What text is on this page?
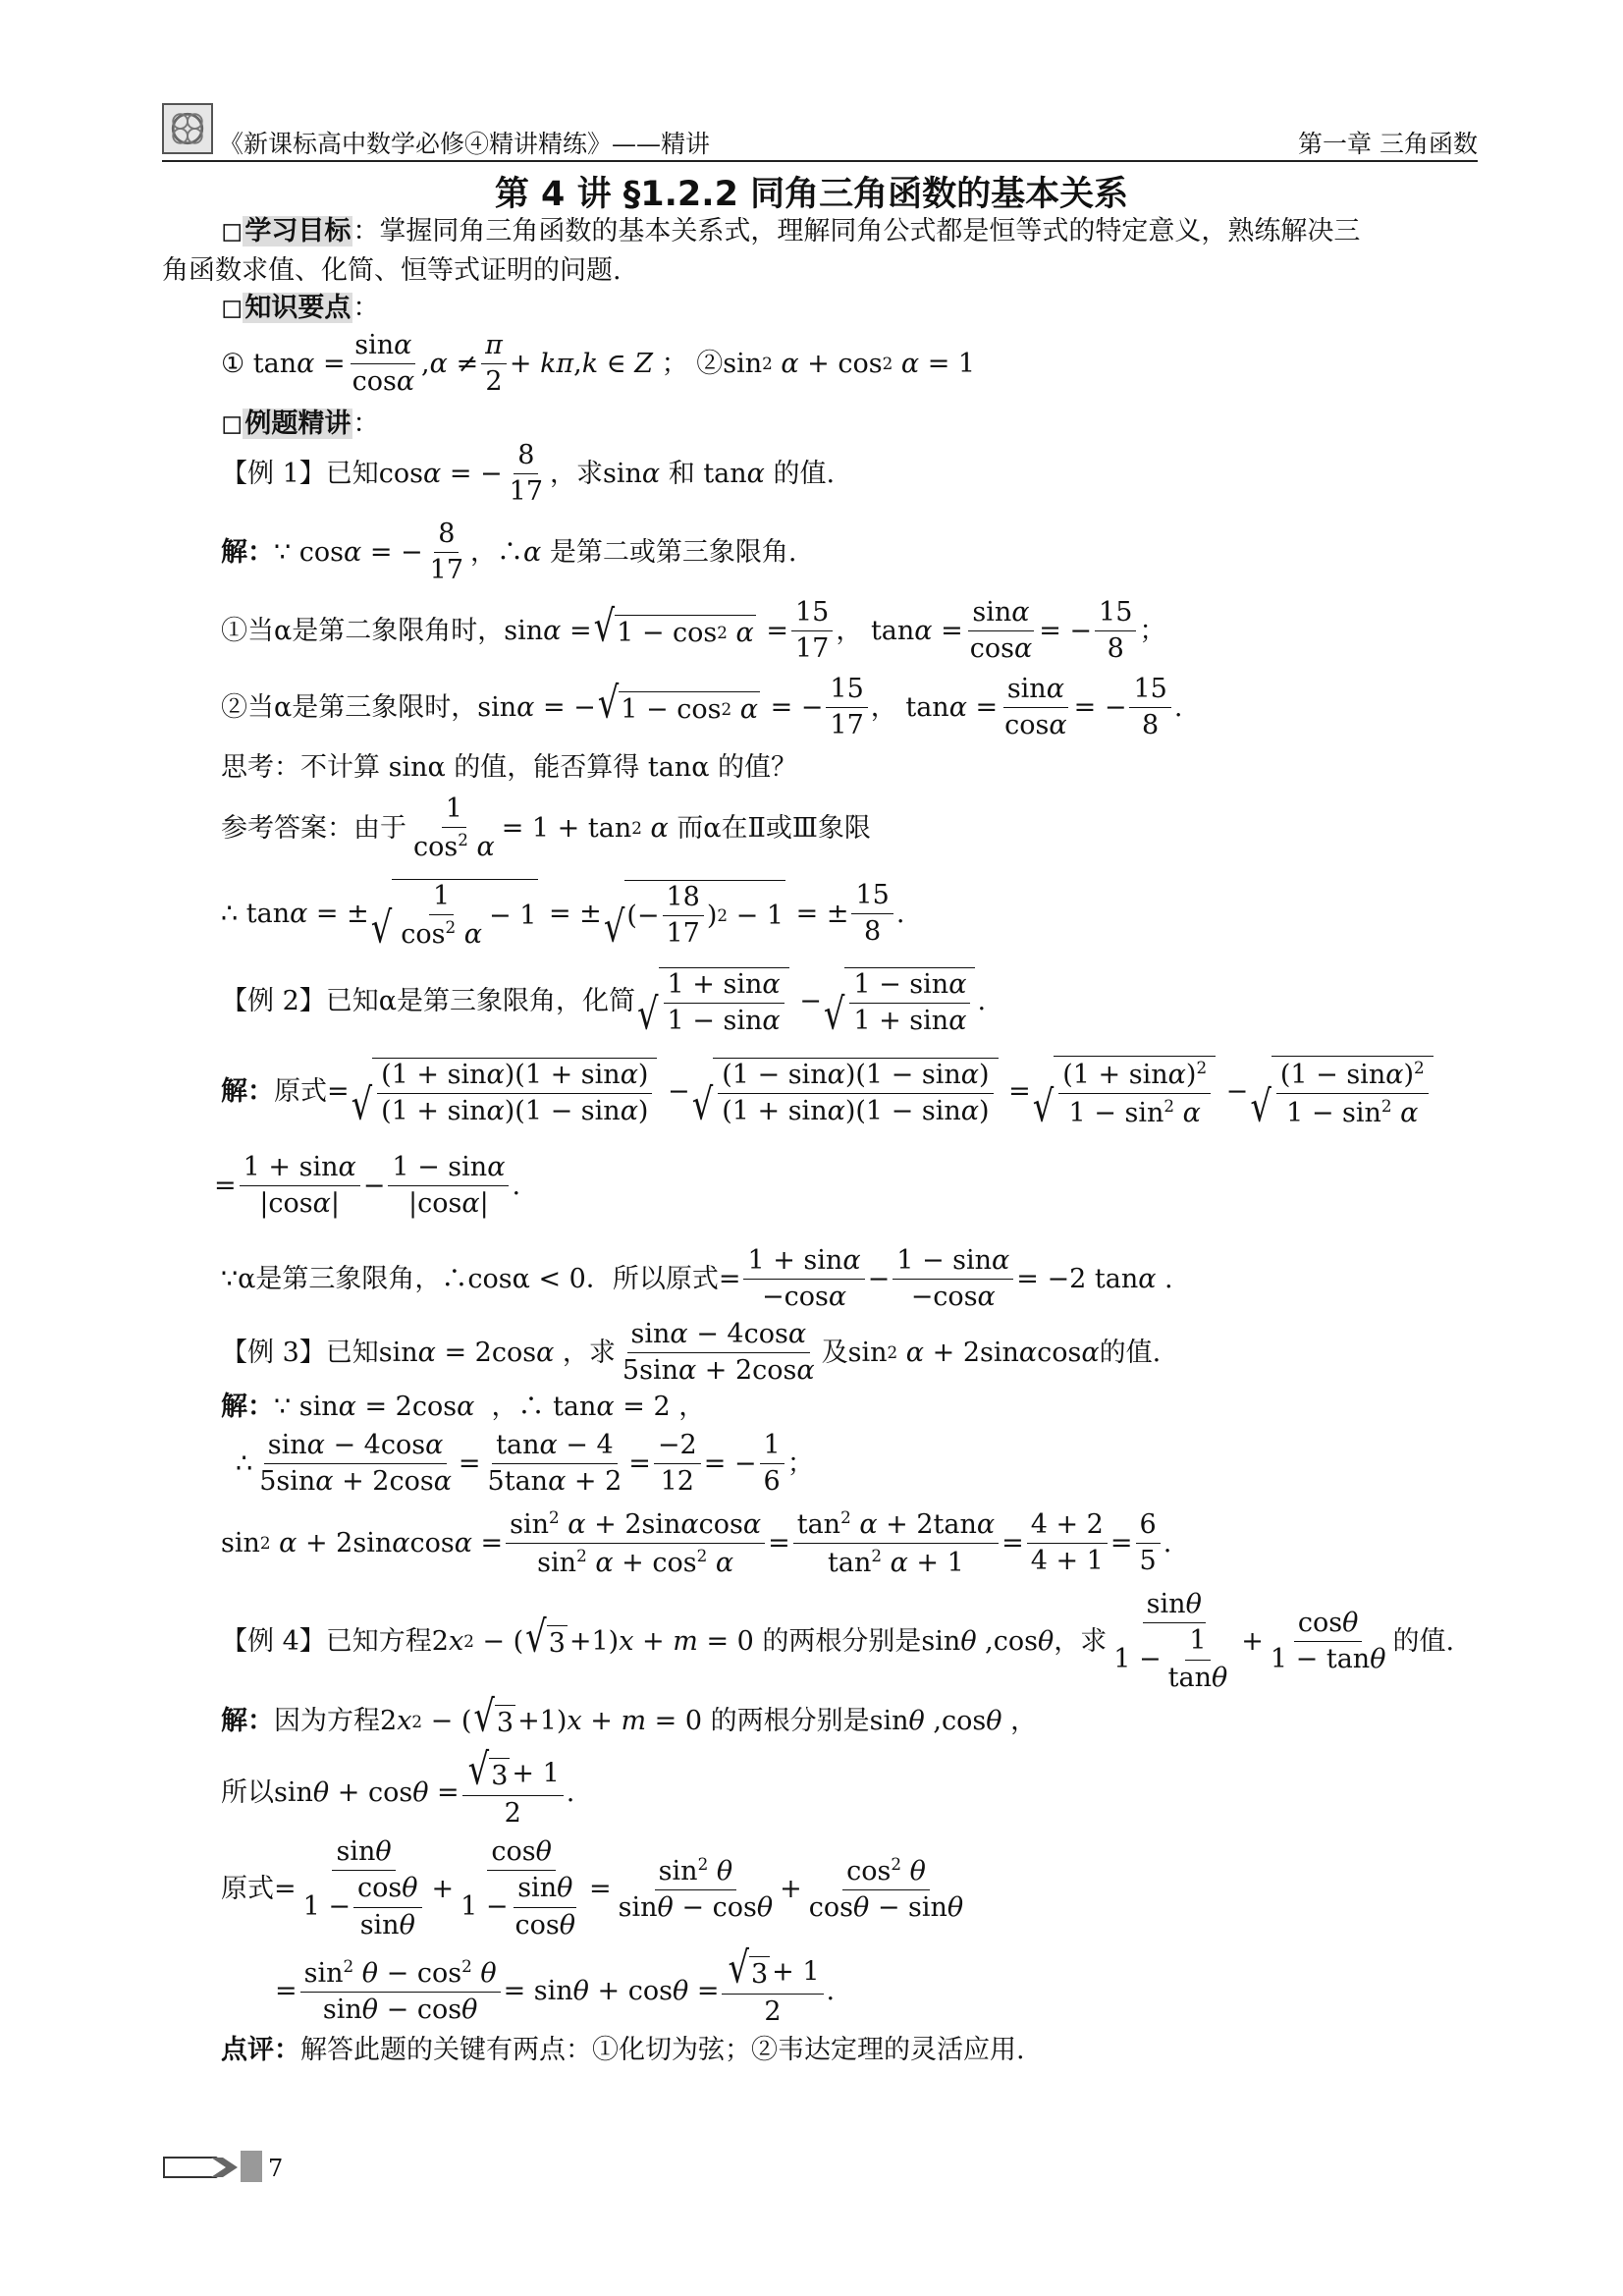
《新课标高中数学必修④精讲精练》——精讲	第一章 三角函数
第 4 讲 §1.2.2 同角三角函数的基本关系
◻学习目标：掌握同角三角函数的基本关系式，理解同角公式都是恒等式的特定意义，熟练解决三
角函数求值、化简、恒等式证明的问题.
◻知识要点：
① $\tan \alpha = \frac{\sin\alpha}{\cos\alpha}$ , $\alpha \ne \frac{\pi}{2} + k\pi$ , k ∈ Z ； ②sin 2
α + cos 2
α = 1
◻例题精讲：
【例 1】已知 cos α = − $\frac{8}{17}$ ，求 sin α
和 tan α
的值.
解： ∵ cos α = − $\frac{8}{17}$ ，∴ α
是第二或第三象限角.
①当α是第二象限角时， sin α = √ 1 − cos 2
$\alpha = \frac{15}{17}$ ， $\tan \alpha = \frac{\sin\alpha}{\cos\alpha}$ = − $\frac{15}{8}$ ；
②当α是第三象限时， sin α = − √ 1 − cos 2
α = − $\frac{15}{17}$ ， $\tan \alpha = \frac{\sin\alpha}{\cos\alpha}$ = − $\frac{15}{8}$ .
思考：不计算 sinα 的值，能否算得 tanα 的值？
参考答案：由于 $\frac{1}{\cos^2 \alpha} = 1 + \tan 2$
α
而α在Ⅱ或Ⅲ象限
∴ tan α = ± √ $\frac{1}{\cos^2 \alpha} - 1$ = ± √ (− $\frac{18}{17}$ ) 2 − 1 = ± $\frac{15}{8}$ .
【例 2】已知α是第三象限角，化简 √ $\frac{1 + \sin\alpha}{1 - \sin\alpha}$ − √ $\frac{1 - \sin\alpha}{1 + \sin\alpha}$ .
解： 原式= √ $\frac{(1 + \sin\alpha)(1 + \sin\alpha)}{(1 + \sin\alpha)(1 - \sin\alpha)}$ − √ $\frac{(1 - \sin\alpha)(1 - \sin\alpha)}{(1 + \sin\alpha)(1 - \sin\alpha)}$ = √ $\frac{(1 + \sin\alpha)^2}{1 - \sin^2 \alpha}$ − √ $\frac{(1 - \sin\alpha)^2}{1 - \sin^2 \alpha}$
= $\frac{1 + \sin\alpha}{|\cos\alpha|} - \frac{1 - \sin\alpha}{|\cos\alpha|}$ .
∵α是第三象限角，∴cosα < 0．所以原式= $\frac{1 + \sin\alpha}{-\cos\alpha} - \frac{1 - \sin\alpha}{-\cos\alpha} = -2$ tan α .
【例 3】已知 sin α = 2cos α
，求 $\frac{\sin\alpha - 4\cos\alpha}{5\sin\alpha + 2\cos\alpha}$ 及 sin 2
α + 2sin α cos α 的值.
解： ∵ sin α = 2cos α ，∴ tan α = 2 ，
∴ $\frac{\sin\alpha - 4\cos\alpha}{5\sin\alpha + 2\cos\alpha} = \frac{\tan\alpha - 4}{5\tan\alpha + 2} = \frac{-2}{12}$ = − $\frac{1}{6}$ ；
sin 2
α + 2sin α $\cos \alpha = \frac{\sin^2 \alpha + 2\sin\alpha\cos\alpha}{\sin^2 \alpha + \cos^2 \alpha} = \frac{\tan^2 \alpha + 2\tan\alpha}{\tan^2 \alpha + 1} = \frac{4 + 2}{4 + 1} = \frac{6}{5}$ .
【例 4】已知方程 2 x 2 − ( √ 3 +1) x + m = 0 的两根分别是 sin θ ,cos θ ，求 $\frac{\sin\theta}{1 - \frac{1}{\tan\theta}} + \frac{\cos\theta}{1 - \tan\theta}$ 的值.
解： 因为方程 2 x 2 − ( √ 3 +1) x + m = 0 的两根分别是 sin θ ,cos θ ，
所以 $\sin \theta + \cos \theta = \frac{√ 3 + 1}{2}$ .
原式= $\frac{\sin\theta}{1 - \frac{\cos\theta}{\sin\theta}} + \frac{\cos\theta}{1 - \frac{\sin\theta}{\cos\theta}} = \frac{\sin^2 \theta}{\sin\theta - \cos\theta} + \frac{\cos^2 \theta}{\cos\theta - \sin\theta}$
= $\frac{\sin^2 \theta - \cos^2 \theta}{\sin\theta - \cos\theta} = \sin \theta + \cos \theta = \frac{√ 3 + 1}{2}$ .
点评：解答此题的关键有两点：①化切为弦；②韦达定理的灵活应用.
7
